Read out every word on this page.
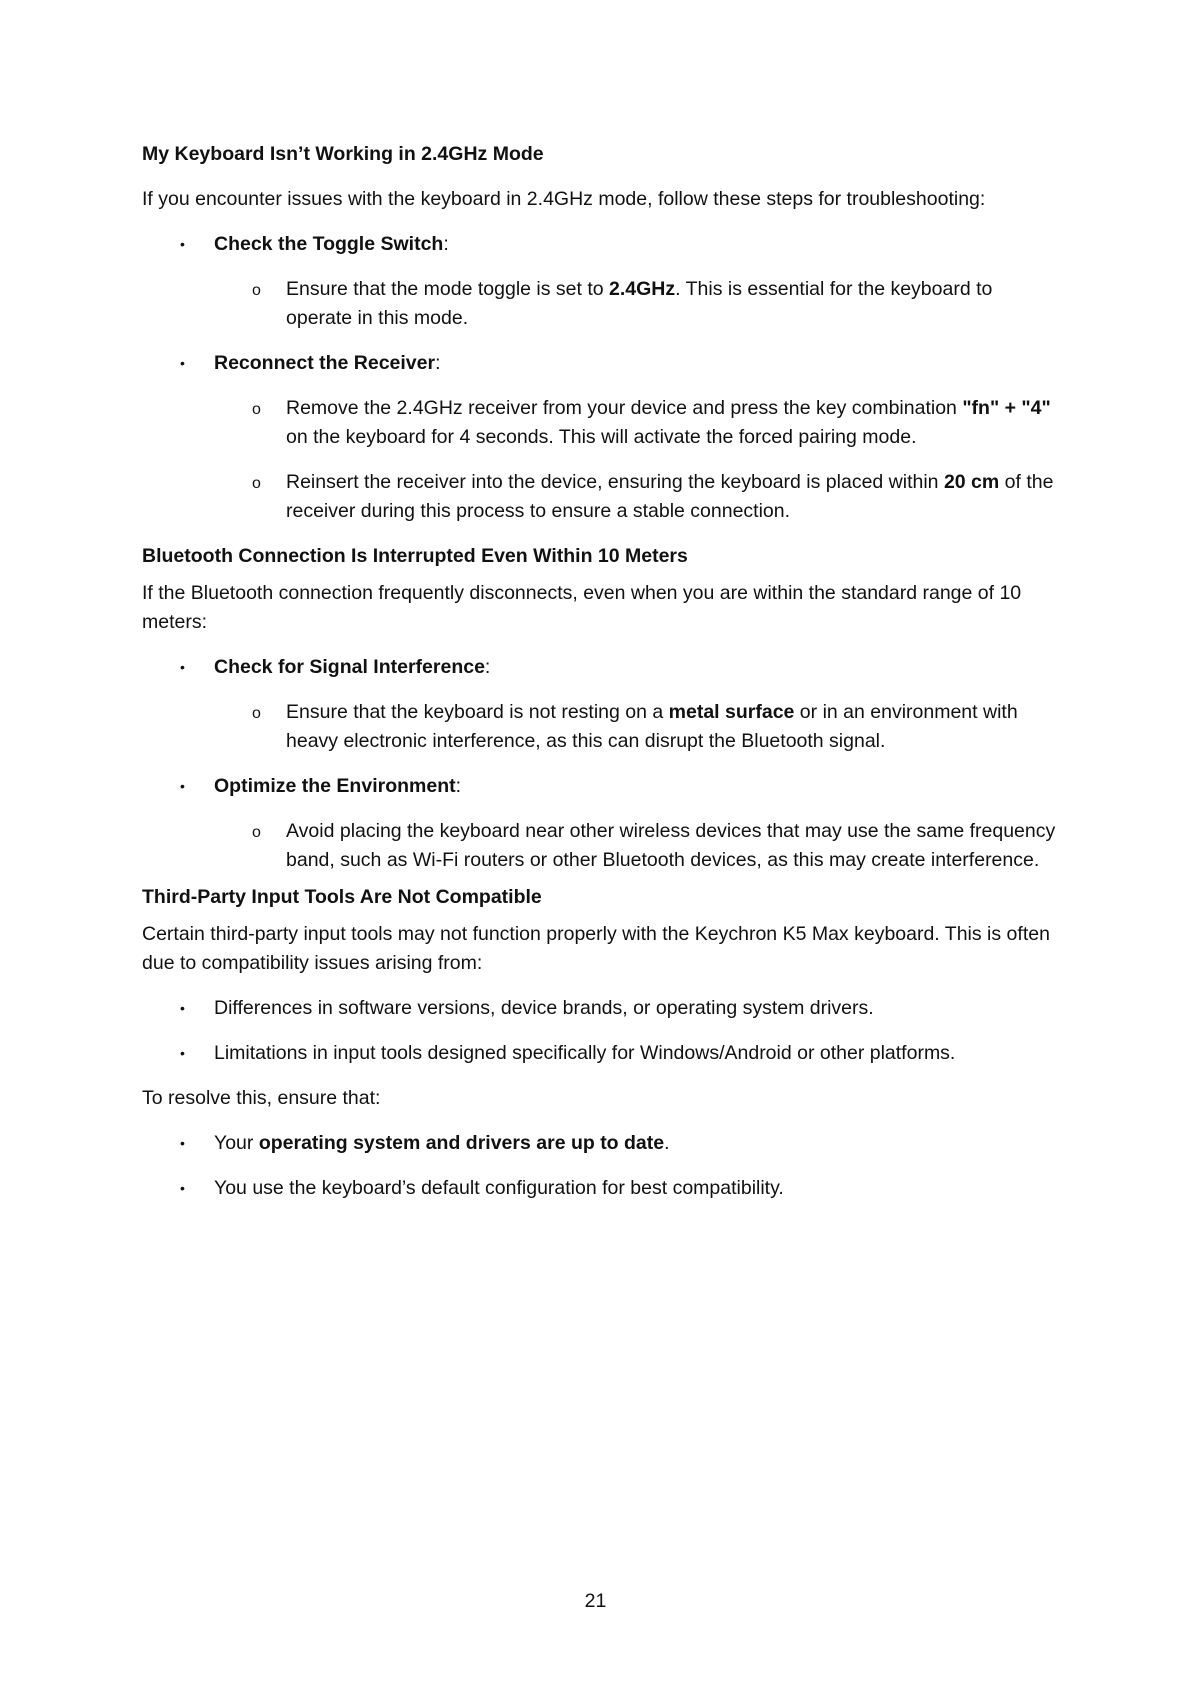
My Keyboard Isn’t Working in 2.4GHz Mode

If you encounter issues with the keyboard in 2.4GHz mode, follow these steps for troubleshooting:

•	Check the Toggle Switch:
o Ensure that the mode toggle is set to 2.4GHz. This is essential for the keyboard to operate in this mode.
•	Reconnect the Receiver:
o Remove the 2.4GHz receiver from your device and press the key combination "fn" + "4" on the keyboard for 4 seconds. This will activate the forced pairing mode.
o Reinsert the receiver into the device, ensuring the keyboard is placed within 20 cm of the receiver during this process to ensure a stable connection.
Bluetooth Connection Is Interrupted Even Within 10 Meters

If the Bluetooth connection frequently disconnects, even when you are within the standard range of 10 meters:

•	Check for Signal Interference:
o Ensure that the keyboard is not resting on a metal surface or in an environment with heavy electronic interference, as this can disrupt the Bluetooth signal.
•	Optimize the Environment:
o Avoid placing the keyboard near other wireless devices that may use the same frequency band, such as Wi-Fi routers or other Bluetooth devices, as this may create interference.
Third-Party Input Tools Are Not Compatible

Certain third-party input tools may not function properly with the Keychron K5 Max keyboard. This is often due to compatibility issues arising from:

•	Differences in software versions, device brands, or operating system drivers.
•	Limitations in input tools designed specifically for Windows/Android or other platforms.

To resolve this, ensure that:

•	Your operating system and drivers are up to date.
•	You use the keyboard’s default configuration for best compatibility.
21
